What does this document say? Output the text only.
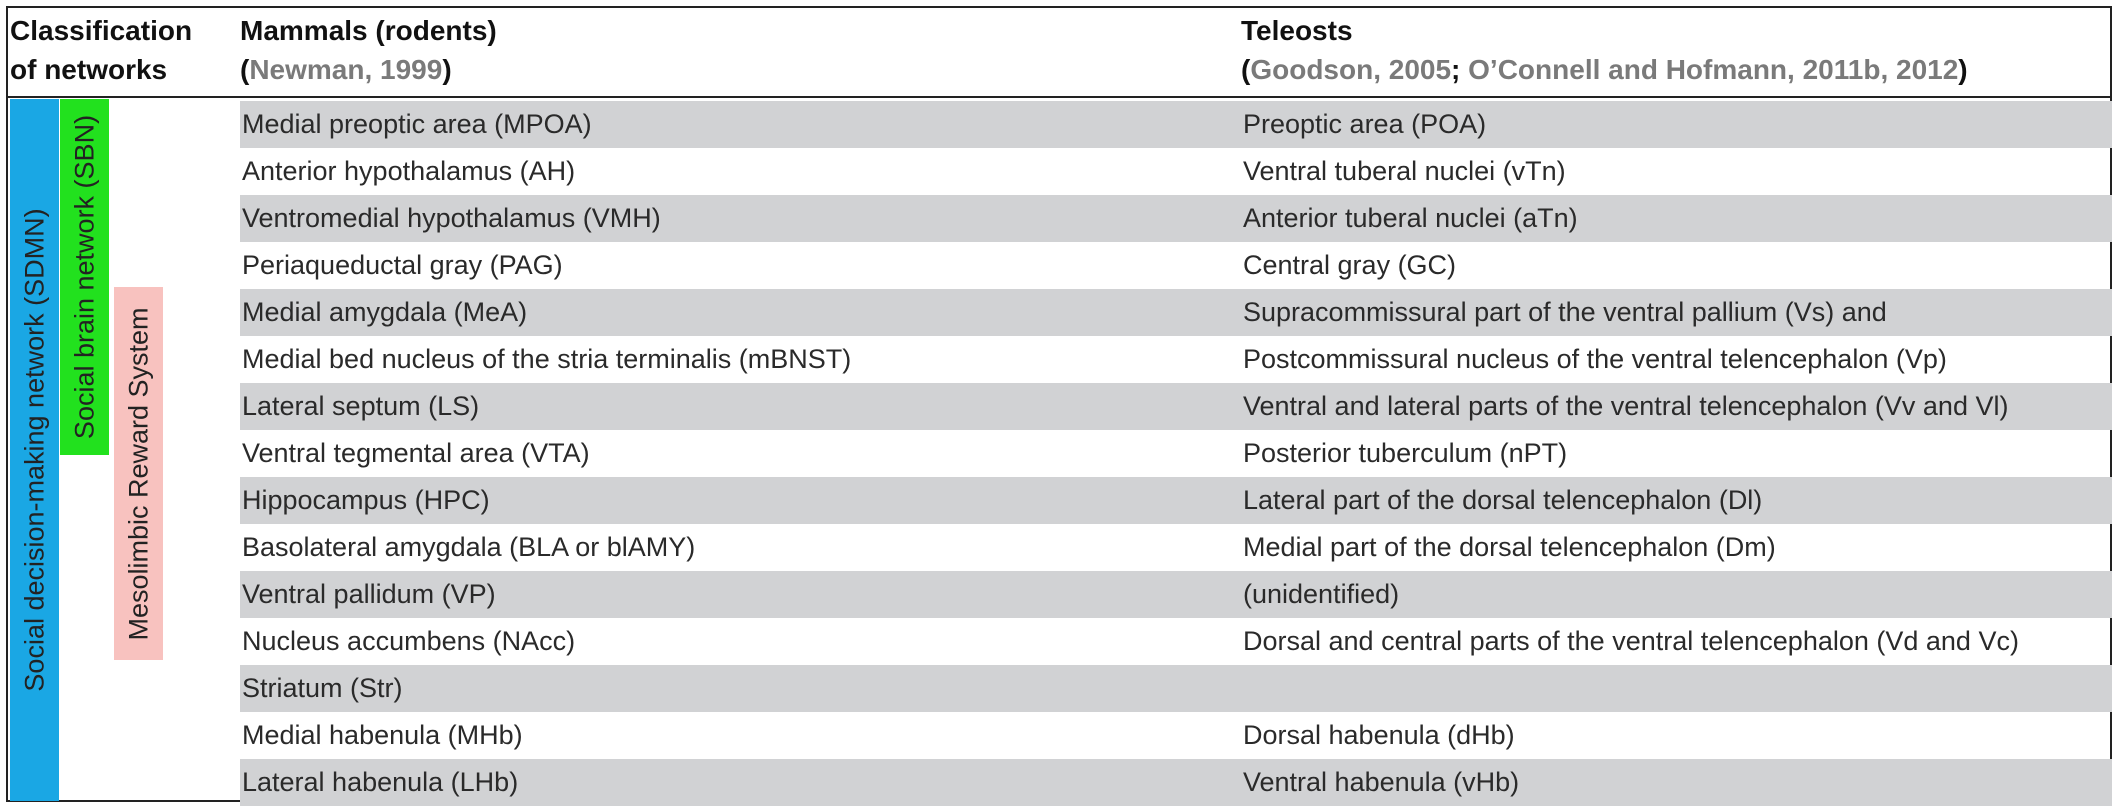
Classification of networks
Mammals (rodents)
(Newman, 1999)
Teleosts
(Goodson, 2005; O’Connell and Hofmann, 2011b, 2012)
Medial preoptic area (MPOA)	Preoptic area (POA)
Anterior hypothalamus (AH)	Ventral tuberal nuclei (vTn)
Ventromedial hypothalamus (VMH)	Anterior tuberal nuclei (aTn)
Periaqueductal gray (PAG)	Central gray (GC)
Medial amygdala (MeA)	Supracommissural part of the ventral pallium (Vs) and
Medial bed nucleus of the stria terminalis (mBNST)	Postcommissural nucleus of the ventral telencephalon (Vp)
Lateral septum (LS)	Ventral and lateral parts of the ventral telencephalon (Vv and Vl)
Ventral tegmental area (VTA)	Posterior tuberculum (nPT)
Hippocampus (HPC)	Lateral part of the dorsal telencephalon (Dl)
Basolateral amygdala (BLA or blAMY)	Medial part of the dorsal telencephalon (Dm)
Ventral pallidum (VP)	(unidentified)
Nucleus accumbens (NAcc)	Dorsal and central parts of the ventral telencephalon (Vd and Vc)
Striatum (Str)
Medial habenula (MHb)	Dorsal habenula (dHb)
Lateral habenula (LHb)	Ventral habenula (vHb)
Social decision-making network (SDMN) Social brain network (SBN)
Mesolimbic Reward System
